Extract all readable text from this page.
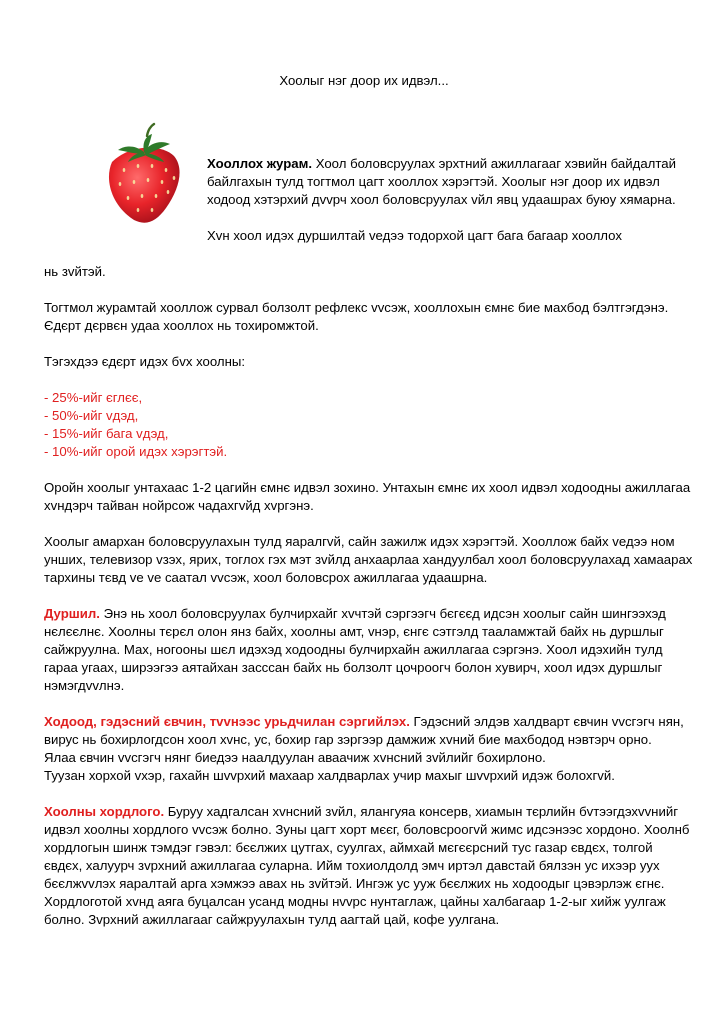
Хоолыг нэг доор их идвэл...

Хооллох журам. Хоол боловсруулах эрхтний ажиллагааг хэвийн байдалтай байлгахын тулд тогтмол цагт хооллох хэрэгтэй. Хоолыг нэг доор их идвэл ходоод хэтэрхий дvvрч хоол боловсруулах vйл явц удаашрах буюу хямарна.

Хvн хоол идэх дуршилтай vедээ тодорхой цагт бага багаар хооллох

нь зvйтэй.

Тогтмол журамтай хооллож сурвал болзолт рефлекс vvсэж, хооллохын ємнє бие махбод бэлтгэгдэнэ. Єдєрт дєрвєн удаа хооллох нь тохиромжтой.

Тэгэхдээ єдєрт идэх бvх хоолны:

- 25%-ийг єглєє,
- 50%-ийг vдэд,
- 15%-ийг бага vдэд,
- 10%-ийг орой идэх хэрэгтэй.

Оройн хоолыг унтахаас 1-2 цагийн ємнє идвэл зохино. Унтахын ємнє их хоол идвэл ходоодны ажиллагаа хvндэрч тайван нойрсож чадахгvйд хvргэнэ.

Хоолыг амархан боловсруулахын тулд яаралгvй, сайн зажилж идэх хэрэгтэй. Хооллож байх vедээ ном унших, телевизор vзэх, ярих, тоглох гэх мэт зvйлд анхаарлаа хандуулбал хоол боловсруулахад хамаарах тархины тєвд vе vе саатал vvсэж, хоол боловсрох ажиллагаа удаашрна.

Дуршил. Энэ нь хоол боловсруулах булчирхайг хvчтэй сэргээгч бєгєєд идсэн хоолыг сайн шингээхэд нєлєєлнє. Хоолны тєрєл олон янз байх, хоолны амт, vнэр, єнгє сэтгэлд тааламжтай байх нь дуршлыг сайжруулна. Мах, ногооны шєл идэхэд ходоодны булчирхайн ажиллагаа сэргэнэ. Хоол идэхийн тулд гараа угаах, ширээгээ аятайхан засссан байх нь болзолт цочроогч болон хувирч, хоол идэх дуршлыг нэмэгдvvлнэ.

Ходоод, гэдэсний євчин, тvvнээс урьдчилан сэргийлэх. Гэдэсний элдэв халдварт євчин vvсгэгч нян, вирус нь бохирлогдсон хоол хvнс, ус, бохир гар зэргээр дамжиж хvний бие махбодод нэвтэрч орно.
Ялаа євчин vvсгэгч нянг биедээ наалдуулан аваачиж хvнсний зvйлийг бохирлоно.
Туузан хорхой vхэр, гахайн шvvрхий махаар халдварлах учир махыг шvvрхий идэж болохгvй.

Хоолны хордлого. Буруу хадгалсан хvнсний зvйл, ялангуяа консерв, хиамын тєрлийн бvтээгдэхvvнийг идвэл хоолны хордлого vvсэж болно. Зуны цагт хорт мєєг, боловсроогvй жимс идсэнээс хордоно. Хоолнб хордлогын шинж тэмдэг гэвэл: бєєлжих цутгах, суулгах, аймхай мєгєєрсний тус газар євдєх, толгой євдєх, халуурч зvрхний ажиллагаа суларна. Ийм тохиолдолд эмч иртэл давстай бялзэн ус ихээр уух бєєлжvvлэх яаралтай арга хэмжээ авах нь зvйтэй. Ингэж ус ууж бєєлжих нь ходоодыг цэвэрлэж єгнє.
Хордлоготой хvнд аяга буцалсан усанд модны нvvрс нунтаглаж, цайны халбагаар 1-2-ыг хийж уулгаж болно. Зvрхний ажиллагааг сайжруулахын тулд аагтай цай, кофе уулгана.
